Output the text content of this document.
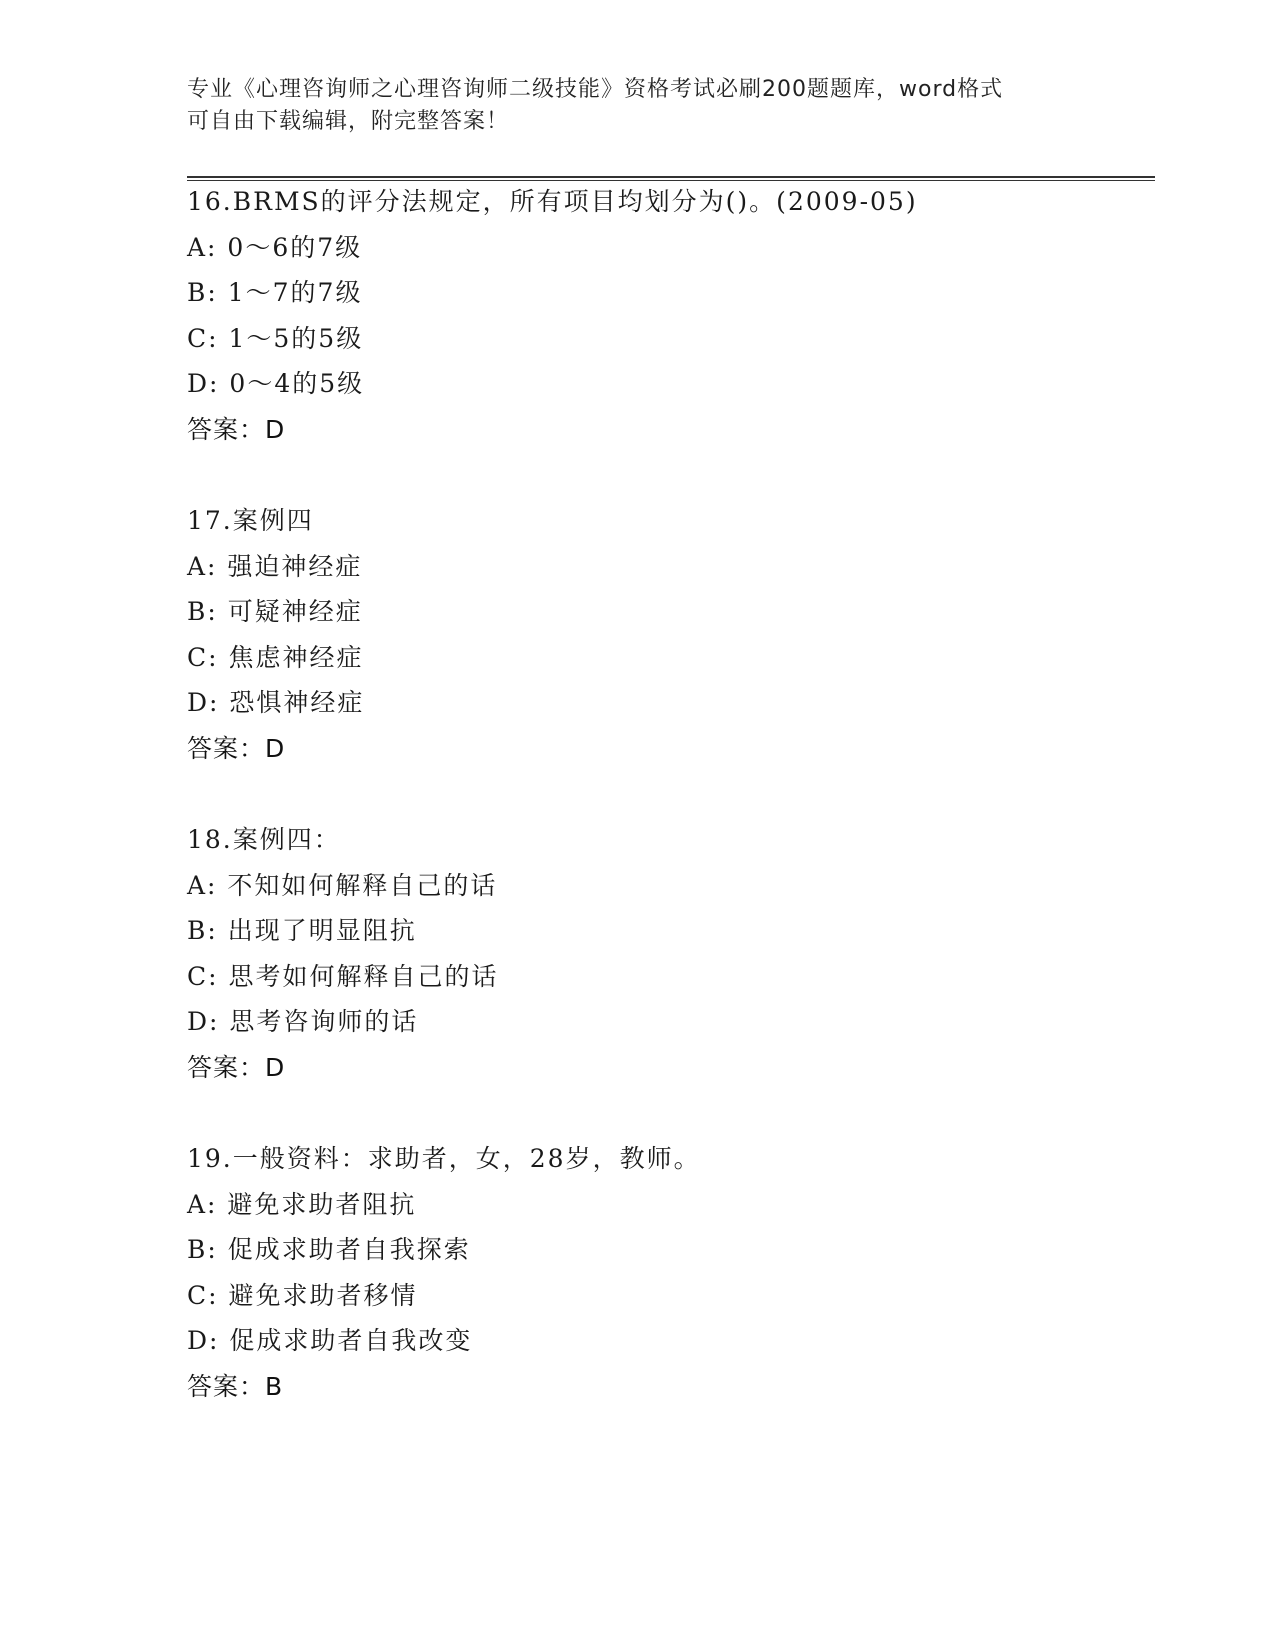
专业《心理咨询师之心理咨询师二级技能》资格考试必刷200题题库，word格式
可自由下载编辑，附完整答案！
16.BRMS的评分法规定，所有项目均划分为()。(2009-05)
A: 0～6的7级
B: 1～7的7级
C: 1～5的5级
D: 0～4的5级
答案：D
17.案例四
A: 强迫神经症
B: 可疑神经症
C: 焦虑神经症
D: 恐惧神经症
答案：D
18.案例四：
A: 不知如何解释自己的话
B: 出现了明显阻抗
C: 思考如何解释自己的话
D: 思考咨询师的话
答案：D
19.一般资料：求助者，女，28岁，教师。
A: 避免求助者阻抗
B: 促成求助者自我探索
C: 避免求助者移情
D: 促成求助者自我改变
答案：B
